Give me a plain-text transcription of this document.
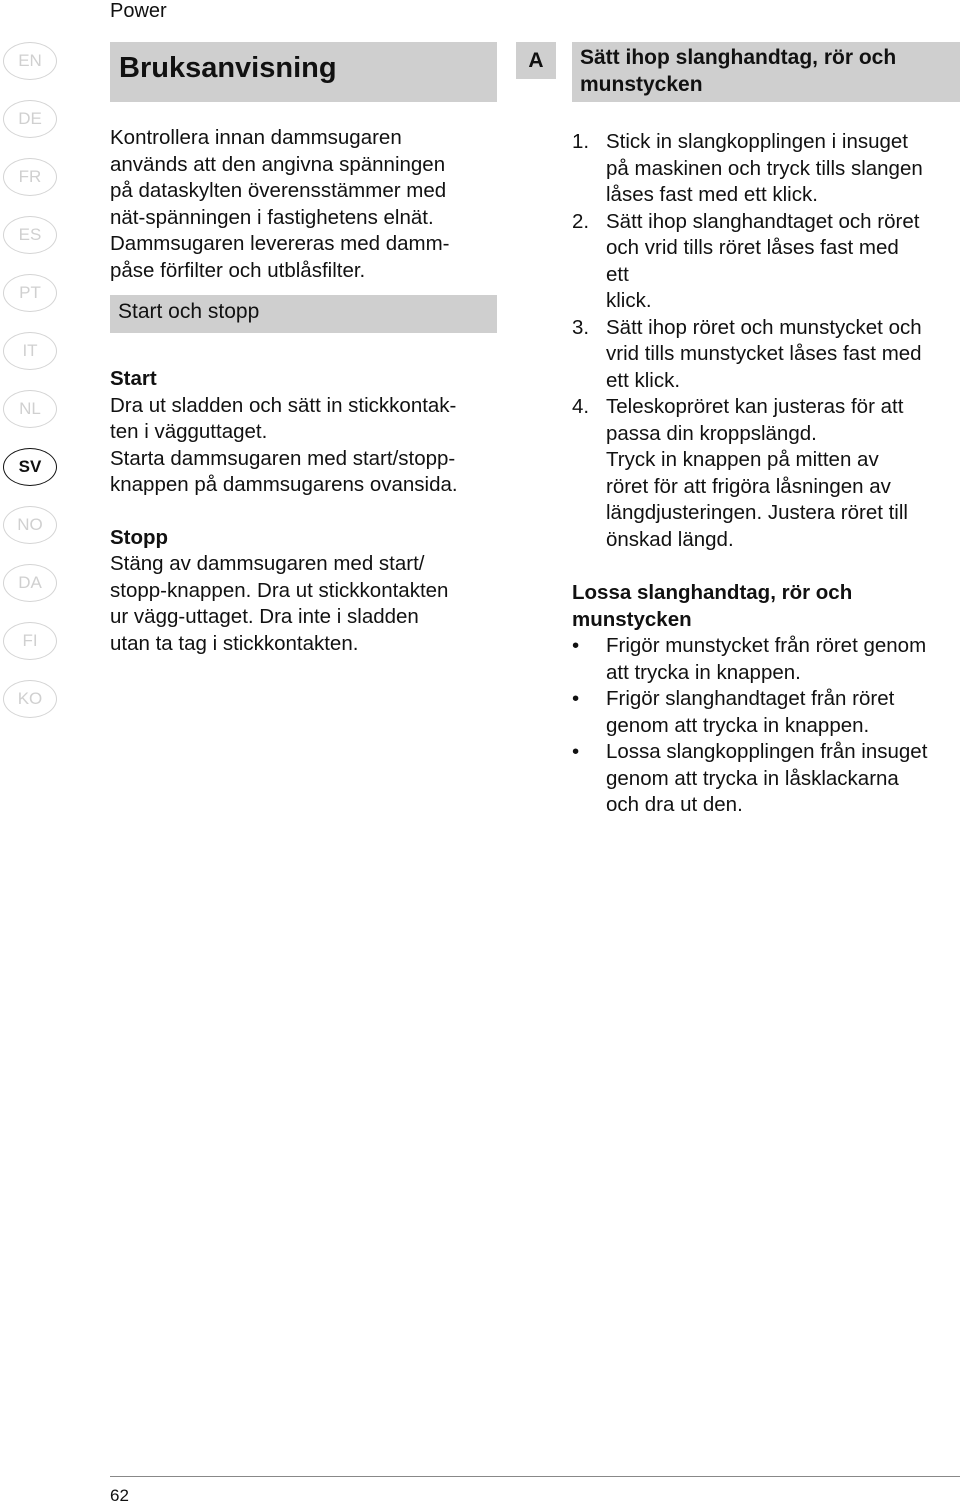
Power
EN
DE
FR
ES
PT
IT
NL
SV
NO
DA
FI
KO
Bruksanvisning

Kontrollera innan dammsugaren
används att den angivna spänningen
på dataskylten överensstämmer med
nät-spänningen i fastighetens elnät.
Dammsugaren levereras med damm-
påse förfilter och utblåsfilter.

Start och stopp
Start

Dra ut sladden och sätt in stickkontak-
ten i vägguttaget.
Starta dammsugaren med start/stopp-
knappen på dammsugarens ovansida.

Stopp

Stäng av dammsugaren med start/
stopp-knappen. Dra ut stickkontakten
ur vägg-uttaget. Dra inte i sladden
utan ta tag i stickkontakten.

A	Sätt ihop slanghandtag, rör och
munstycken
1. Stick in slangkopplingen i insuget
på maskinen och tryck tills slangen
låses fast med ett klick.
2. Sätt ihop slanghandtaget och röret
och vrid tills röret låses fast med
ett
klick.
3. Sätt ihop röret och munstycket och
vrid tills munstycket låses fast med
ett klick.
4. Teleskopröret kan justeras för att
passa din kroppslängd.
Tryck in knappen på mitten av
röret för att frigöra låsningen av
längdjusteringen. Justera röret till
önskad längd.
Lossa slanghandtag, rör och
munstycken
• Frigör munstycket från röret genom
att trycka in knappen.
• Frigör slanghandtaget från röret
genom att trycka in knappen.
• Lossa slangkopplingen från insuget
genom att trycka in låsklackarna
och dra ut den.
62
